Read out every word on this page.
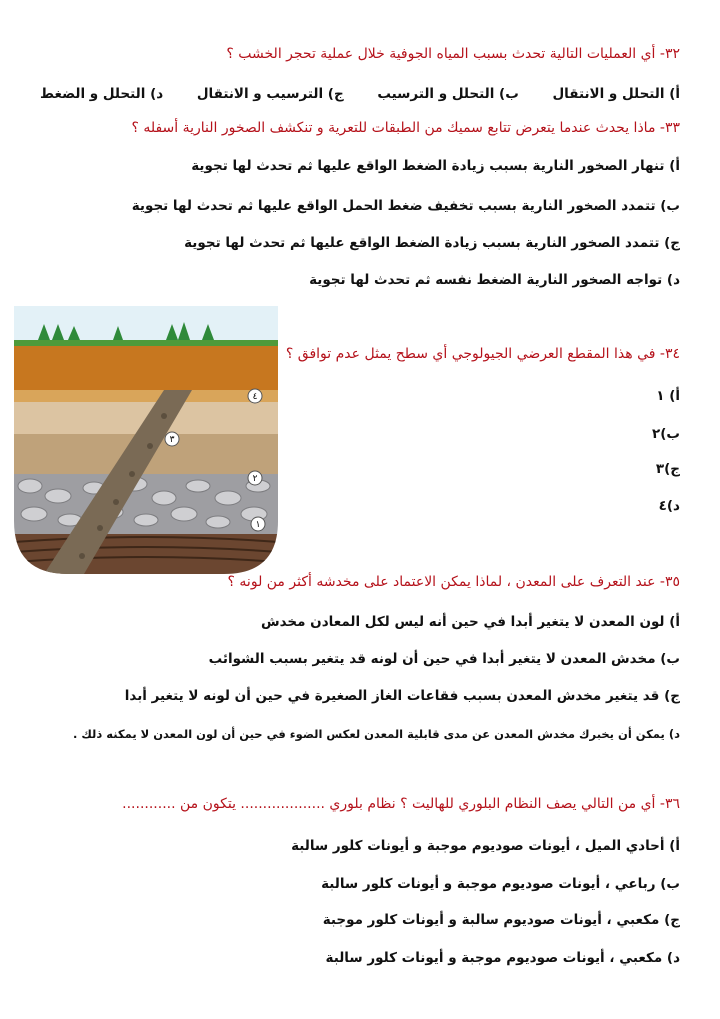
٣٢- أي العمليات التالية تحدث بسبب المياه الجوفية خلال عملية تحجر الخشب ؟
أ) التحلل و الانتقال
ب) التحلل و الترسيب
ج) الترسيب و الانتقال
د) التحلل و الضغط
٣٣- ماذا يحدث عندما يتعرض تتابع سميك من الطبقات للتعرية و تنكشف الصخور النارية أسفله ؟
أ) تنهار الصخور النارية بسبب زيادة الضغط الواقع عليها ثم تحدث لها تجوية
ب) تتمدد الصخور النارية بسبب تخفيف ضغط الحمل الواقع عليها ثم تحدث لها تجوية
ج) تتمدد الصخور النارية بسبب زيادة الضغط الواقع عليها ثم تحدث لها تجوية
د) تواجه الصخور النارية الضغط نفسه ثم تحدث لها تجوية
٣٤- في هذا المقطع العرضي الجيولوجي أي سطح يمثل عدم توافق ؟
أ) ١
ب)٢
ج)٣
د)٤
٤
٣
٢
١
٣٥- عند التعرف على المعدن ، لماذا يمكن الاعتماد على مخدشه أكثر من لونه ؟
أ) لون المعدن لا يتغير أبدا في حين أنه ليس لكل المعادن مخدش
ب) مخدش المعدن لا يتغير أبدا في حين أن لونه قد يتغير بسبب الشوائب
ج) قد يتغير مخدش المعدن بسبب فقاعات الغاز الصغيرة في حين أن لونه لا يتغير أبدا
د) يمكن أن يخبرك مخدش المعدن عن مدى قابلية المعدن لعكس الضوء في حين أن لون المعدن لا يمكنه ذلك .
٣٦- أي من التالي يصف النظام البلوري للهاليت ؟ نظام بلوري ................... يتكون من ............
أ) أحادي الميل ، أيونات صوديوم موجبة و أيونات كلور سالبة
ب) رباعي ، أيونات صوديوم موجبة و أيونات كلور سالبة
ج) مكعبي ، أيونات صوديوم سالبة و أيونات كلور موجبة
د) مكعبي ، أيونات صوديوم موجبة و أيونات كلور سالبة
